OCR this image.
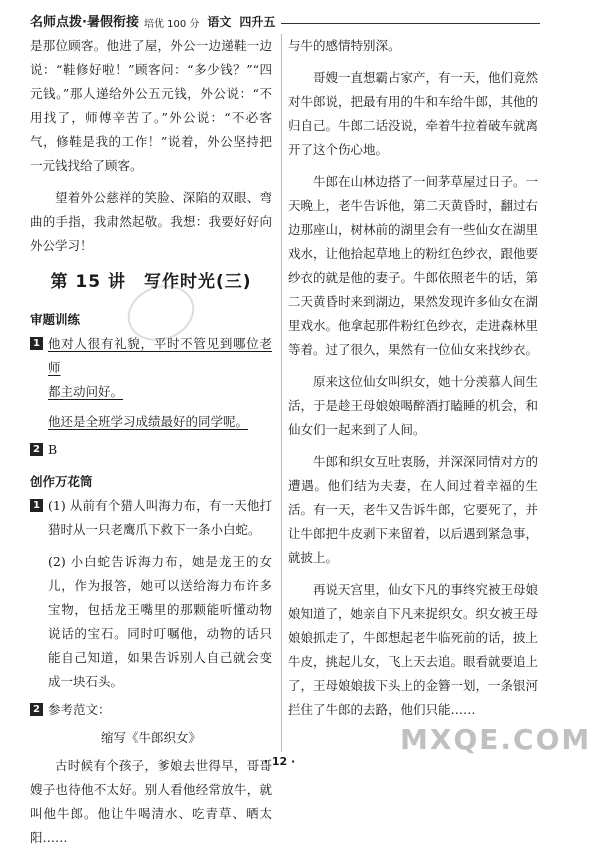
名师点拨·暑假衔接 培优 100 分 语文 四升五

是那位顾客。他进了屋，外公一边递鞋一边说：“鞋修好啦！”顾客问：“多少钱？”“四元钱。”那人递给外公五元钱，外公说：“不用找了，师傅辛苦了。”外公说：“不必客气，修鞋是我的工作！”说着，外公坚持把一元钱找给了顾客。

望着外公慈祥的笑脸、深陷的双眼、弯曲的手指，我肃然起敬。我想：我要好好向外公学习！

第 15 讲　写作时光(三)
审题训练
1 他对人很有礼貌，平时不管见到哪位老师

都主动问好。

他还是全班学习成绩最好的同学呢。

2 B
创作万花筒
1 (1) 从前有个猎人叫海力布，有一天他打猎时从一只老鹰爪下救下一条小白蛇。

(2) 小白蛇告诉海力布，她是龙王的女儿，作为报答，她可以送给海力布许多宝物，包括龙王嘴里的那颗能听懂动物说话的宝石。同时叮嘱他，动物的话只能自己知道，如果告诉别人自己就会变成一块石头。

2 参考范文：
缩写《牛郎织女》

古时候有个孩子，爹娘去世得早，哥哥嫂子也待他不太好。别人看他经常放牛，就叫他牛郎。他让牛喝清水、吃青草、晒太阳……

与牛的感情特别深。

哥嫂一直想霸占家产，有一天，他们竟然对牛郎说，把最有用的牛和车给牛郎，其他的归自己。牛郎二话没说，牵着牛拉着破车就离开了这个伤心地。

牛郎在山林边搭了一间茅草屋过日子。一天晚上，老牛告诉他，第二天黄昏时，翻过右边那座山，树林前的湖里会有一些仙女在湖里戏水，让他拾起草地上的粉红色纱衣，跟他要纱衣的就是他的妻子。牛郎依照老牛的话，第二天黄昏时来到湖边，果然发现许多仙女在湖里戏水。他拿起那件粉红色纱衣，走进森林里等着。过了很久，果然有一位仙女来找纱衣。

原来这位仙女叫织女，她十分羡慕人间生活，于是趁王母娘娘喝醉酒打瞌睡的机会，和仙女们一起来到了人间。

牛郎和织女互吐衷肠，并深深同情对方的遭遇。他们结为夫妻，在人间过着幸福的生活。有一天，老牛又告诉牛郎，它要死了，并让牛郎把牛皮剥下来留着，以后遇到紧急事，就披上。

再说天宫里，仙女下凡的事终究被王母娘娘知道了，她亲自下凡来捉织女。织女被王母娘娘抓走了，牛郎想起老牛临死前的话，披上牛皮，挑起儿女，飞上天去追。眼看就要追上了，王母娘娘拔下头上的金簪一划，一条银河拦住了牛郎的去路，他们只能……

MXQE.COM
· 12 ·
